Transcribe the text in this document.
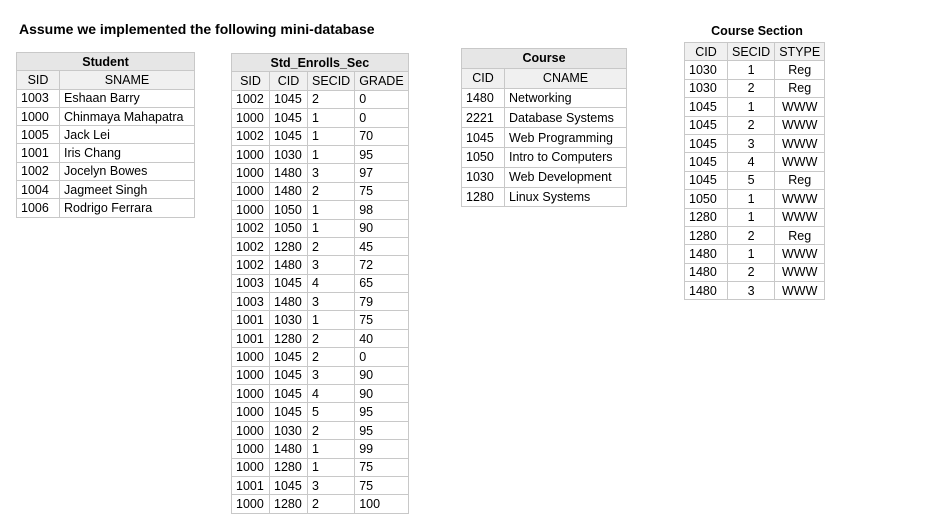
Assume we implemented the following mini-database
Student	
SID	SNAME
1003	Eshaan Barry
1000	Chinmaya Mahapatra
1005	Jack Lei
1001	Iris Chang
1002	Jocelyn Bowes
1004	Jagmeet Singh
1006	Rodrigo Ferrara
Std_Enrolls_Sec			
SID	CID	SECID	GRADE
1002	1045	2	0
1000	1045	1	0
1002	1045	1	70
1000	1030	1	95
1000	1480	3	97
1000	1480	2	75
1000	1050	1	98
1002	1050	1	90
1002	1280	2	45
1002	1480	3	72
1003	1045	4	65
1003	1480	3	79
1001	1030	1	75
1001	1280	2	40
1000	1045	2	0
1000	1045	3	90
1000	1045	4	90
1000	1045	5	95
1000	1030	2	95
1000	1480	1	99
1000	1280	1	75
1001	1045	3	75
1000	1280	2	100
Course	
CID	CNAME
1480	Networking
2221	Database Systems
1045	Web Programming
1050	Intro to Computers
1030	Web Development
1280	Linux Systems
Course Section
CID	SECID	STYPE
1030	1	Reg
1030	2	Reg
1045	1	WWW
1045	2	WWW
1045	3	WWW
1045	4	WWW
1045	5	Reg
1050	1	WWW
1280	1	WWW
1280	2	Reg
1480	1	WWW
1480	2	WWW
1480	3	WWW
